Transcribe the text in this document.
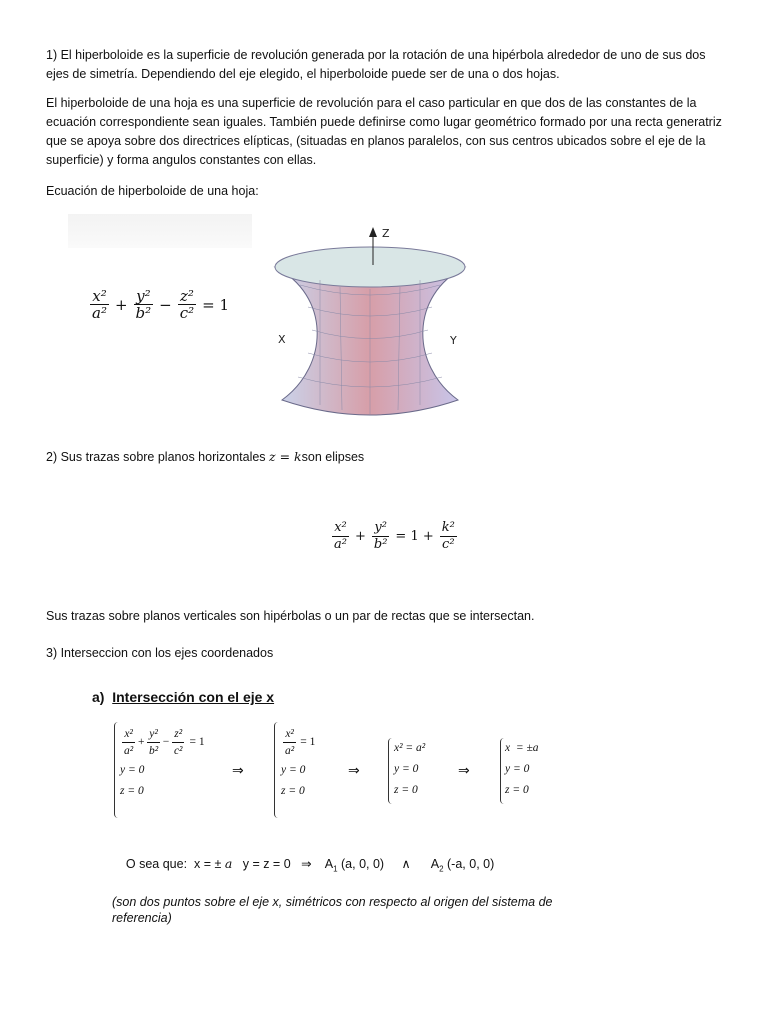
1) El hiperboloide es la superficie de revolución generada por la rotación de una hipérbola alrededor de uno de sus dos ejes de simetría. Dependiendo del eje elegido, el hiperboloide puede ser de una o dos hojas.
El hiperboloide de una hoja es una superficie de revolución para el caso particular en que dos de las constantes de la ecuación correspondiente sean iguales. También puede definirse como lugar geométrico formado por una recta generatriz que se apoya sobre dos directrices elípticas, (situadas en planos paralelos, con sus centros ubicados sobre el eje de la superficie) y forma angulos constantes con ellas.
Ecuación de hiperboloide de una hoja:
$\frac{\text{x²}}{\text{a²}} + \frac{\text{y²}}{\text{b²}} - \frac{\text{z²}}{\text{c²}} = 1$
Z
X	Y
2) Sus trazas sobre planos horizontales z = kson elipses
$\frac{\text{x²}}{\text{a²}} + \frac{\text{y²}}{\text{b²}} = 1 + \frac{\text{k²}}{\text{c²}}$
Sus trazas sobre planos verticales son hipérbolas o un par de rectas que se intersectan.
3) Interseccion con los ejes coordenados
a) Intersección con el eje x
$\frac{\text{x²}}{\text{a²}} + \frac{\text{y²}}{\text{b²}} - \frac{\text{z²}}{\text{c²}} = 1$
y = 0
z = 0
⇒
$\frac{\text{x²}}{\text{a²}} = 1$
y = 0
z = 0
⇒
x² = a²
y = 0
z = 0
⇒
x  = ±a
y = 0
z = 0

O sea que:  x = ± a   y = z = 0   ⇒    $A_1$ (a, 0, 0)     ∧      $A_2$ (-a, 0, 0)

(son dos puntos sobre el eje x, simétricos con respecto al origen del sistema de referencia)
